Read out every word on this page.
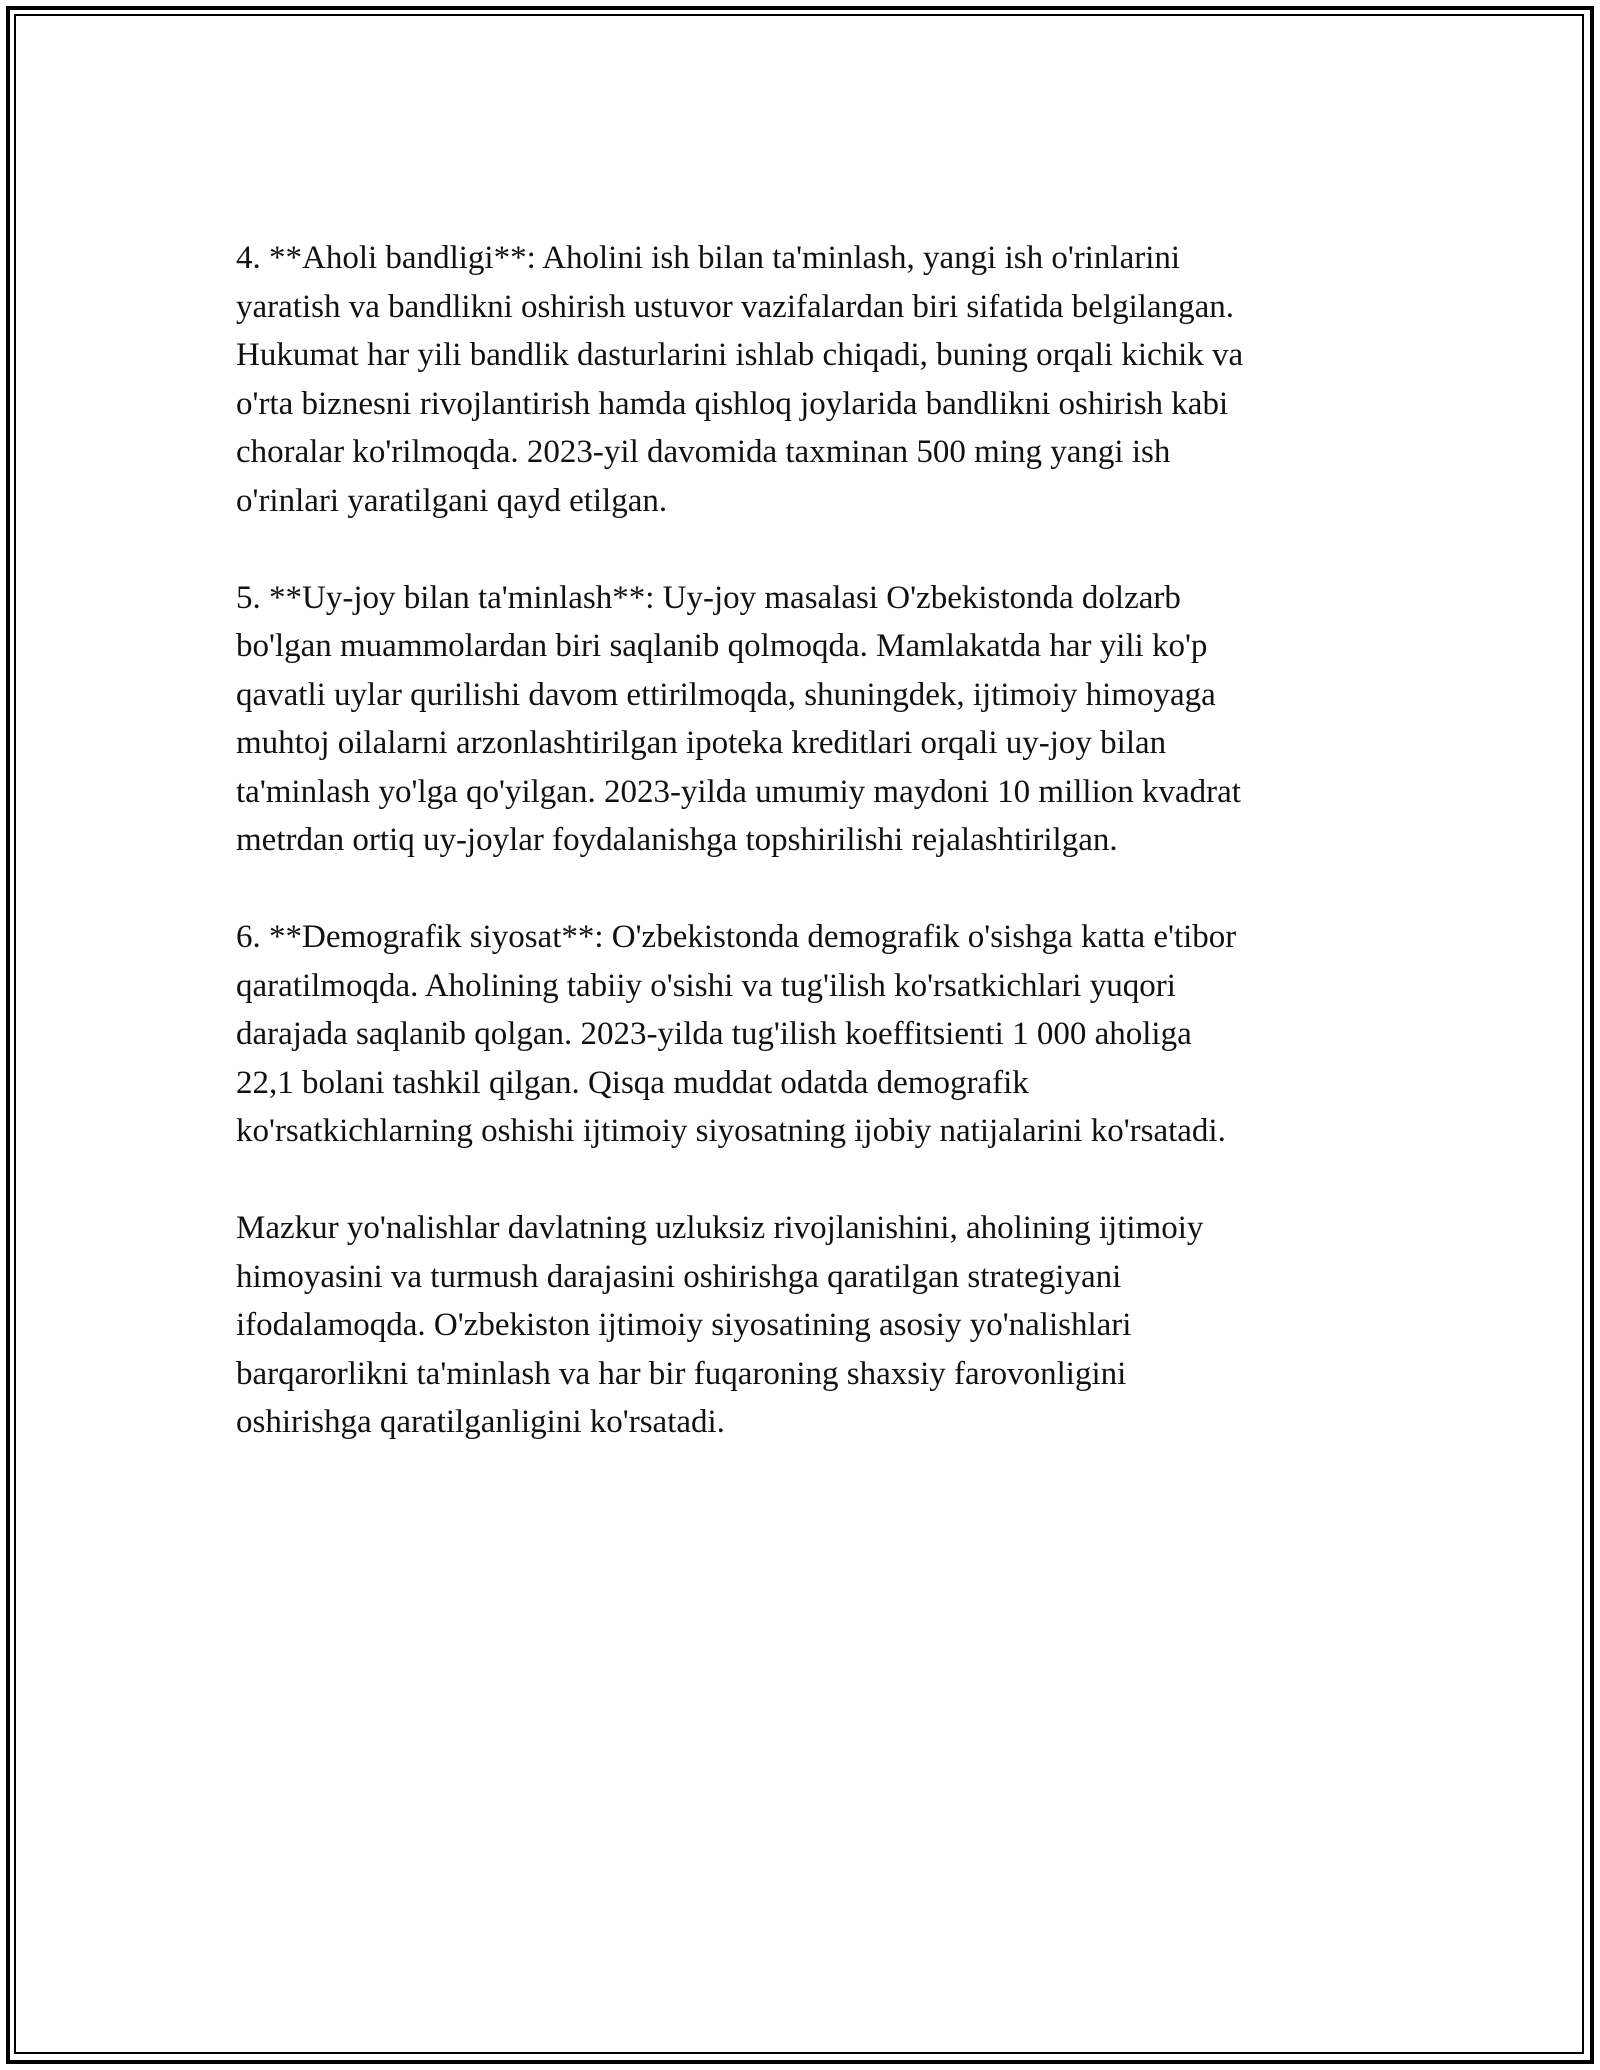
4. **Aholi bandligi**: Aholini ish bilan ta'minlash, yangi ish o'rinlarini
yaratish va bandlikni oshirish ustuvor vazifalardan biri sifatida belgilangan.
Hukumat har yili bandlik dasturlarini ishlab chiqadi, buning orqali kichik va
o'rta biznesni rivojlantirish hamda qishloq joylarida bandlikni oshirish kabi
choralar ko'rilmoqda. 2023-yil davomida taxminan 500 ming yangi ish
o'rinlari yaratilgani qayd etilgan.

5. **Uy-joy bilan ta'minlash**: Uy-joy masalasi O'zbekistonda dolzarb
bo'lgan muammolardan biri saqlanib qolmoqda. Mamlakatda har yili ko'p
qavatli uylar qurilishi davom ettirilmoqda, shuningdek, ijtimoiy himoyaga
muhtoj oilalarni arzonlashtirilgan ipoteka kreditlari orqali uy-joy bilan
ta'minlash yo'lga qo'yilgan. 2023-yilda umumiy maydoni 10 million kvadrat
metrdan ortiq uy-joylar foydalanishga topshirilishi rejalashtirilgan.

6. **Demografik siyosat**: O'zbekistonda demografik o'sishga katta e'tibor
qaratilmoqda. Aholining tabiiy o'sishi va tug'ilish ko'rsatkichlari yuqori
darajada saqlanib qolgan. 2023-yilda tug'ilish koeffitsienti 1 000 aholiga
22,1 bolani tashkil qilgan. Qisqa muddat odatda demografik
ko'rsatkichlarning oshishi ijtimoiy siyosatning ijobiy natijalarini ko'rsatadi.

Mazkur yo'nalishlar davlatning uzluksiz rivojlanishini, aholining ijtimoiy
himoyasini va turmush darajasini oshirishga qaratilgan strategiyani
ifodalamoqda. O'zbekiston ijtimoiy siyosatining asosiy yo'nalishlari
barqarorlikni ta'minlash va har bir fuqaroning shaxsiy farovonligini
oshirishga qaratilganligini ko'rsatadi.
